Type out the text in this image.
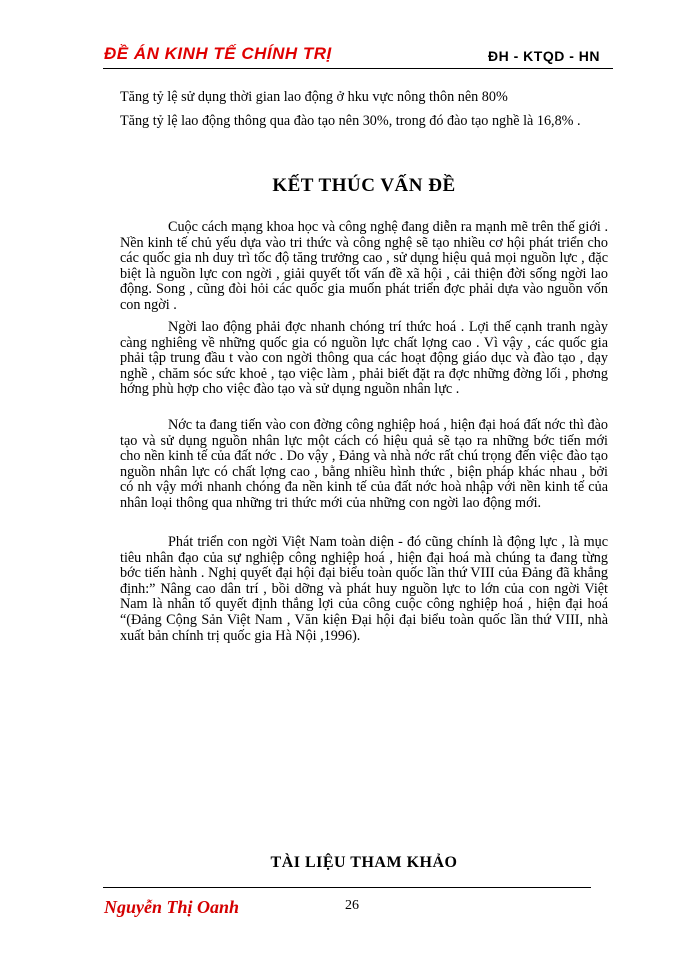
ĐỀ ÁN KINH TẾ CHÍNH TRỊ	ĐH - KTQD - HN
Tăng tỷ lệ sử dụng thời gian lao động ở hku vực nông thôn nên 80%
Tăng tỷ lệ lao động thông qua đào tạo nên 30%, trong đó đào tạo nghề là 16,8% .
KẾT THÚC VẤN ĐỀ
Cuộc cách mạng khoa học và công nghệ đang diễn ra mạnh mẽ trên thế giới . Nền kinh tế chủ yếu dựa vào tri thức và công nghệ sẽ tạo nhiều cơ hội phát triển cho các quốc gia nh duy trì tốc độ tăng trưởng cao , sử dụng hiệu quả mọi nguồn lực , đặc biệt là nguồn lực con ngời , giải quyết tốt vấn đề xã hội , cải thiện đời sống ngời lao động. Song , cũng đòi hỏi các quốc gia muốn phát triển đợc phải dựa vào nguồn vốn con ngời .
Ngời lao động phải đợc nhanh chóng trí thức hoá . Lợi thế cạnh tranh ngày càng nghiêng về những quốc gia có nguồn lực chất lợng cao . Vì vậy , các quốc gia phải tập trung đầu t vào con ngời thông qua các hoạt động giáo dục và đào tạo , dạy nghề , chăm sóc sức khoẻ , tạo việc làm , phải biết đặt ra đợc những đờng lối , phơng hớng phù hợp cho việc đào tạo và sử dụng nguồn nhân lực .
Nớc ta đang tiến vào con đờng công nghiệp hoá , hiện đại hoá đất nớc thì đào tạo và sử dụng nguồn nhân lực một cách có hiệu quả sẽ tạo ra những bớc tiến mới cho nền kinh tế của đất nớc . Do vậy , Đảng và nhà nớc rất chú trọng đến việc đào tạo nguồn nhân lực có chất lợng cao , bằng nhiều hình thức , biện pháp khác nhau , bởi có nh vậy mới nhanh chóng đa nền kinh tế của đất nớc hoà nhập với nền kinh tế của nhân loại thông qua những tri thức mới của những con ngời lao động mới.
Phát triển con ngời Việt Nam toàn diện - đó cũng chính là động lực , là mục tiêu nhân đạo của sự nghiệp công nghiệp hoá , hiện đại hoá mà chúng ta đang từng bớc tiến hành . Nghị quyết đại hội đại biểu toàn quốc lần thứ VIII của Đảng đã khẳng định:” Nâng cao dân trí , bồi dỡng và phát huy nguồn lực to lớn của con ngời Việt Nam là nhân tố quyết định thắng lợi của công cuộc công nghiệp hoá , hiện đại hoá “(Đảng Cộng Sản Việt Nam , Văn kiện Đại hội đại biểu toàn quốc lần thứ VIII, nhà xuất bản chính trị quốc gia Hà Nội ,1996).
TÀI LIỆU THAM KHẢO
Nguyễn Thị Oanh	26
